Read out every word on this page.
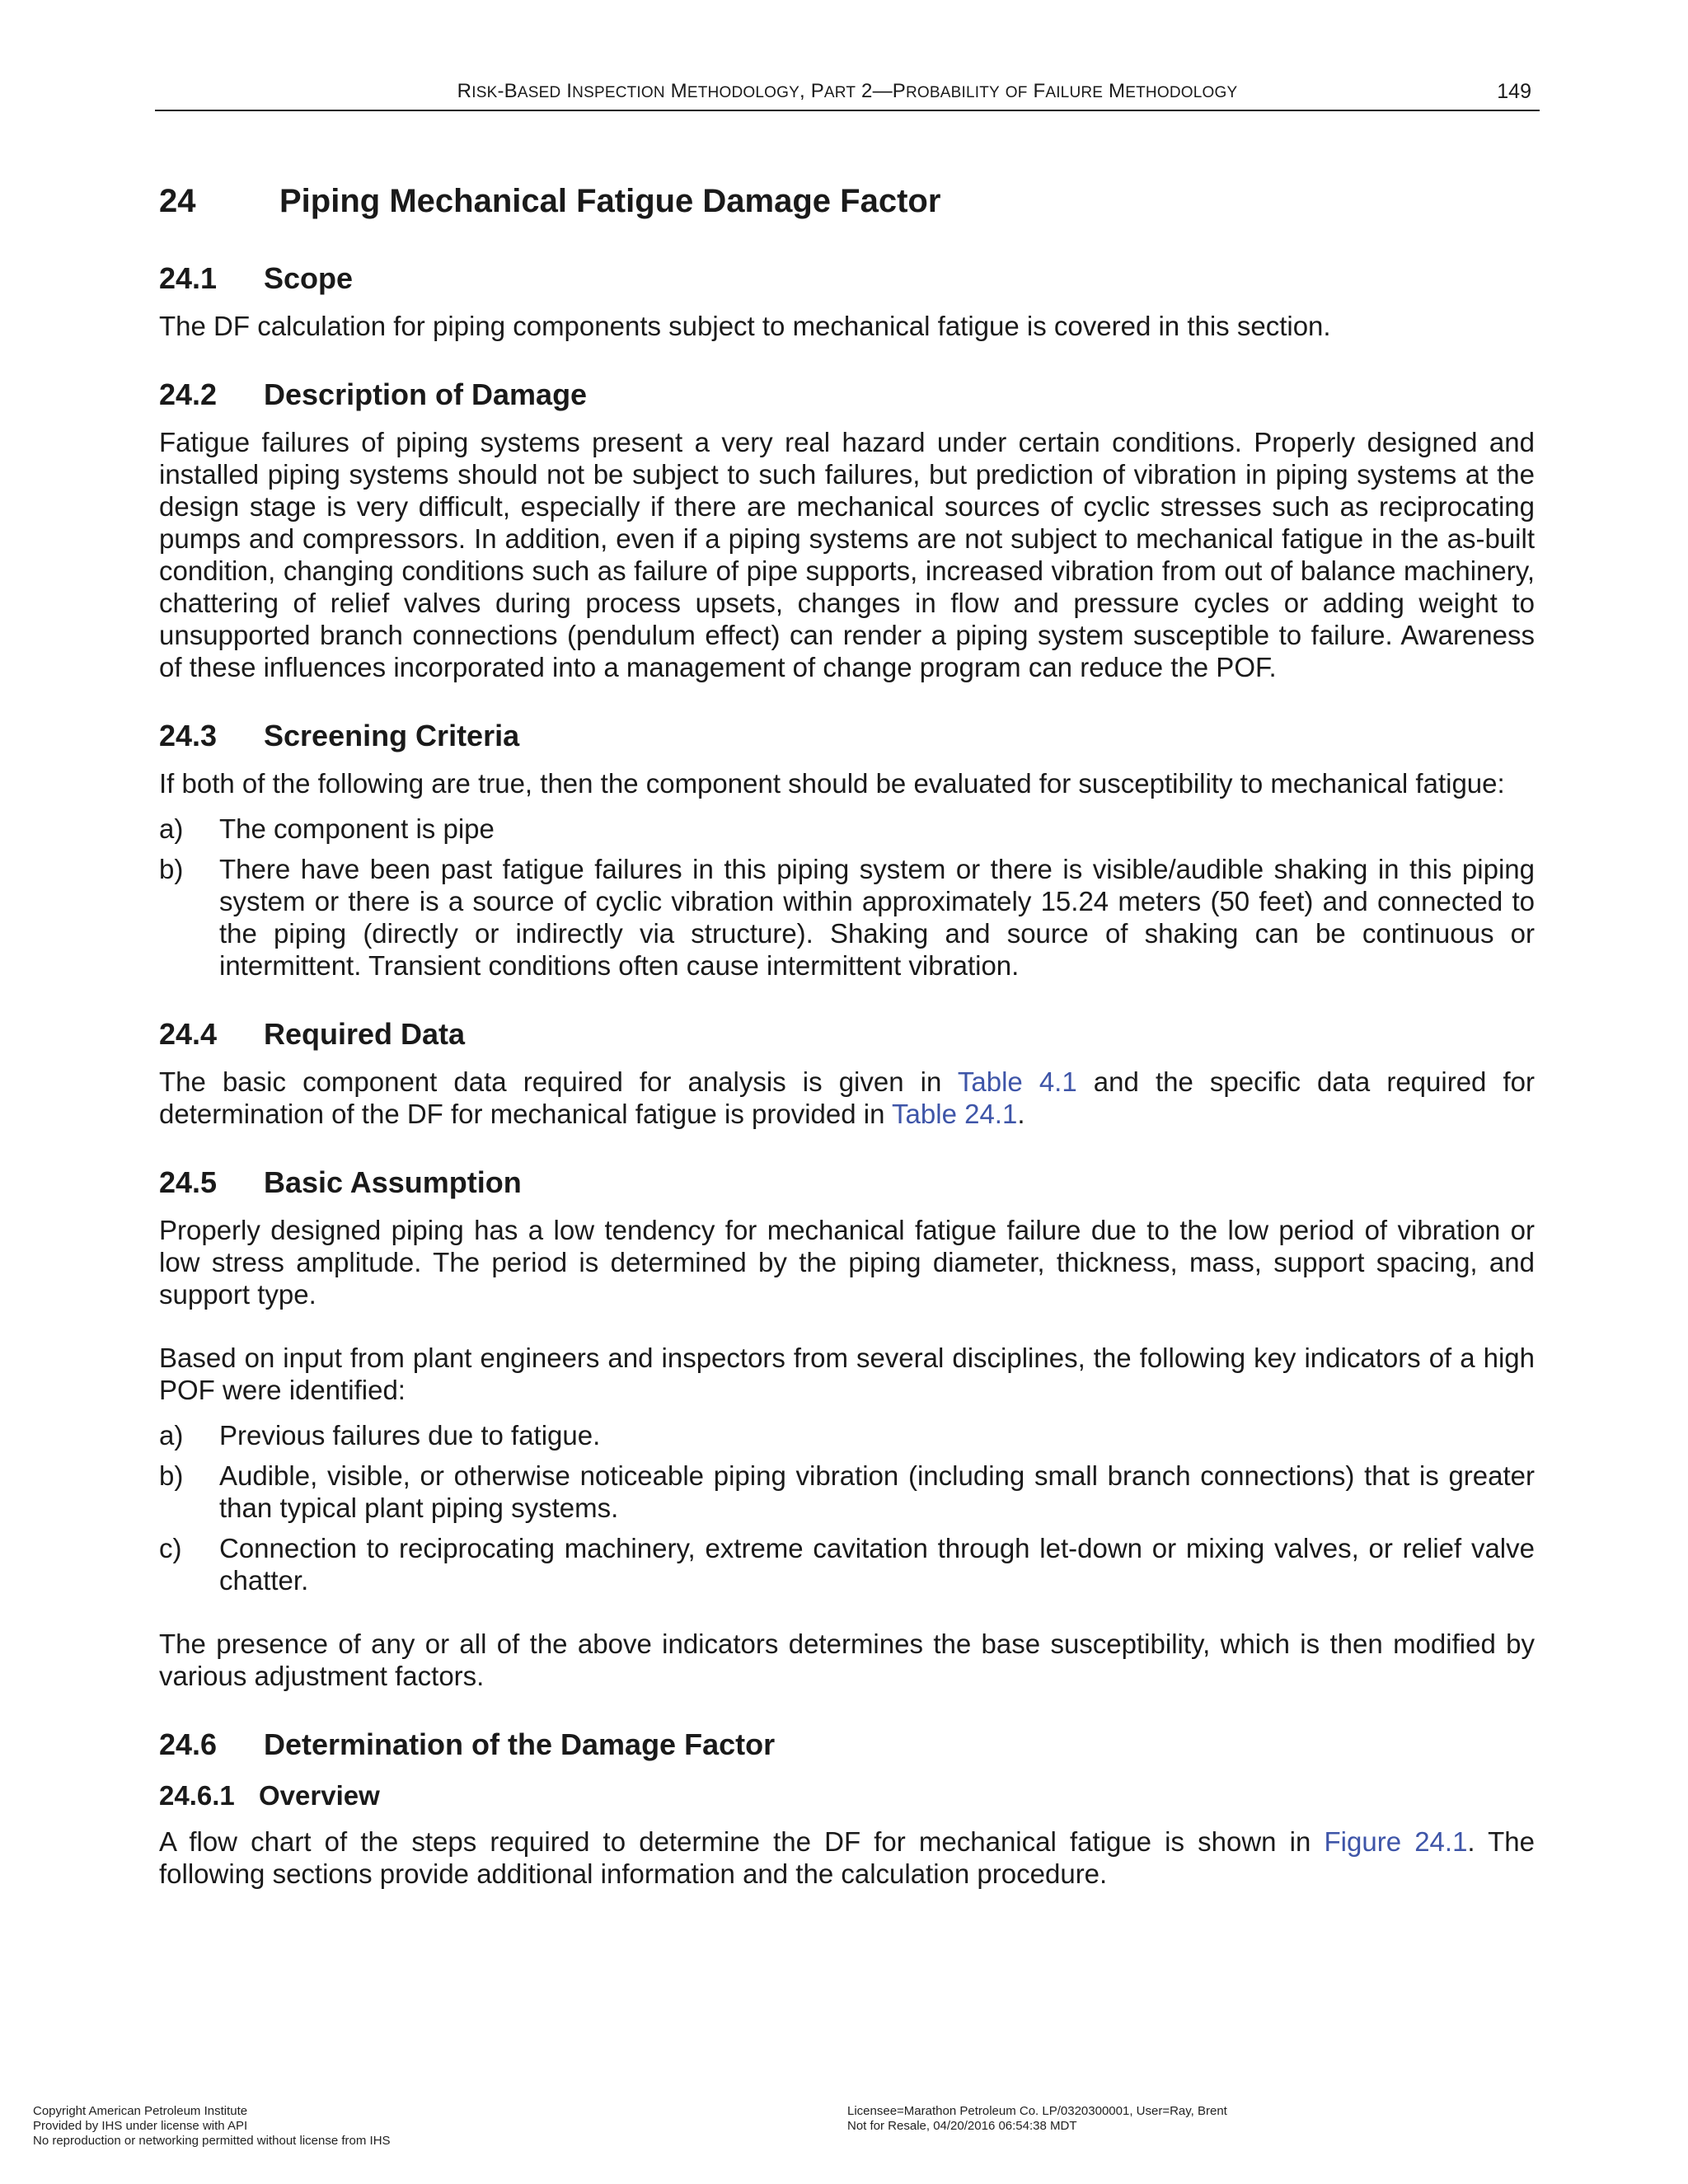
RISK-BASED INSPECTION METHODOLOGY, PART 2—PROBABILITY OF FAILURE METHODOLOGY	149
24	Piping Mechanical Fatigue Damage Factor
24.1 Scope

The DF calculation for piping components subject to mechanical fatigue is covered in this section.

24.2 Description of Damage

Fatigue failures of piping systems present a very real hazard under certain conditions. Properly designed and installed piping systems should not be subject to such failures, but prediction of vibration in piping systems at the design stage is very difficult, especially if there are mechanical sources of cyclic stresses such as reciprocating pumps and compressors. In addition, even if a piping systems are not subject to mechanical fatigue in the as-built condition, changing conditions such as failure of pipe supports, increased vibration from out of balance machinery, chattering of relief valves during process upsets, changes in flow and pressure cycles or adding weight to unsupported branch connections (pendulum effect) can render a piping system susceptible to failure. Awareness of these influences incorporated into a management of change program can reduce the POF.

24.3 Screening Criteria

If both of the following are true, then the component should be evaluated for susceptibility to mechanical fatigue:

a) The component is pipe
b) There have been past fatigue failures in this piping system or there is visible/audible shaking in this piping system or there is a source of cyclic vibration within approximately 15.24 meters (50 feet) and connected to the piping (directly or indirectly via structure). Shaking and source of shaking can be continuous or intermittent. Transient conditions often cause intermittent vibration.
24.4 Required Data

The basic component data required for analysis is given in Table 4.1 and the specific data required for determination of the DF for mechanical fatigue is provided in Table 24.1.

24.5 Basic Assumption

Properly designed piping has a low tendency for mechanical fatigue failure due to the low period of vibration or low stress amplitude. The period is determined by the piping diameter, thickness, mass, support spacing, and support type.

Based on input from plant engineers and inspectors from several disciplines, the following key indicators of a high POF were identified:

a) Previous failures due to fatigue.
b) Audible, visible, or otherwise noticeable piping vibration (including small branch connections) that is greater than typical plant piping systems.
c) Connection to reciprocating machinery, extreme cavitation through let-down or mixing valves, or relief valve chatter.

The presence of any or all of the above indicators determines the base susceptibility, which is then modified by various adjustment factors.

24.6 Determination of the Damage Factor
24.6.1 Overview

A flow chart of the steps required to determine the DF for mechanical fatigue is shown in Figure 24.1. The following sections provide additional information and the calculation procedure.

Copyright American Petroleum Institute
Provided by IHS under license with API
No reproduction or networking permitted without license from IHS
Licensee=Marathon Petroleum Co. LP/0320300001, User=Ray, Brent
Not for Resale, 04/20/2016 06:54:38 MDT
